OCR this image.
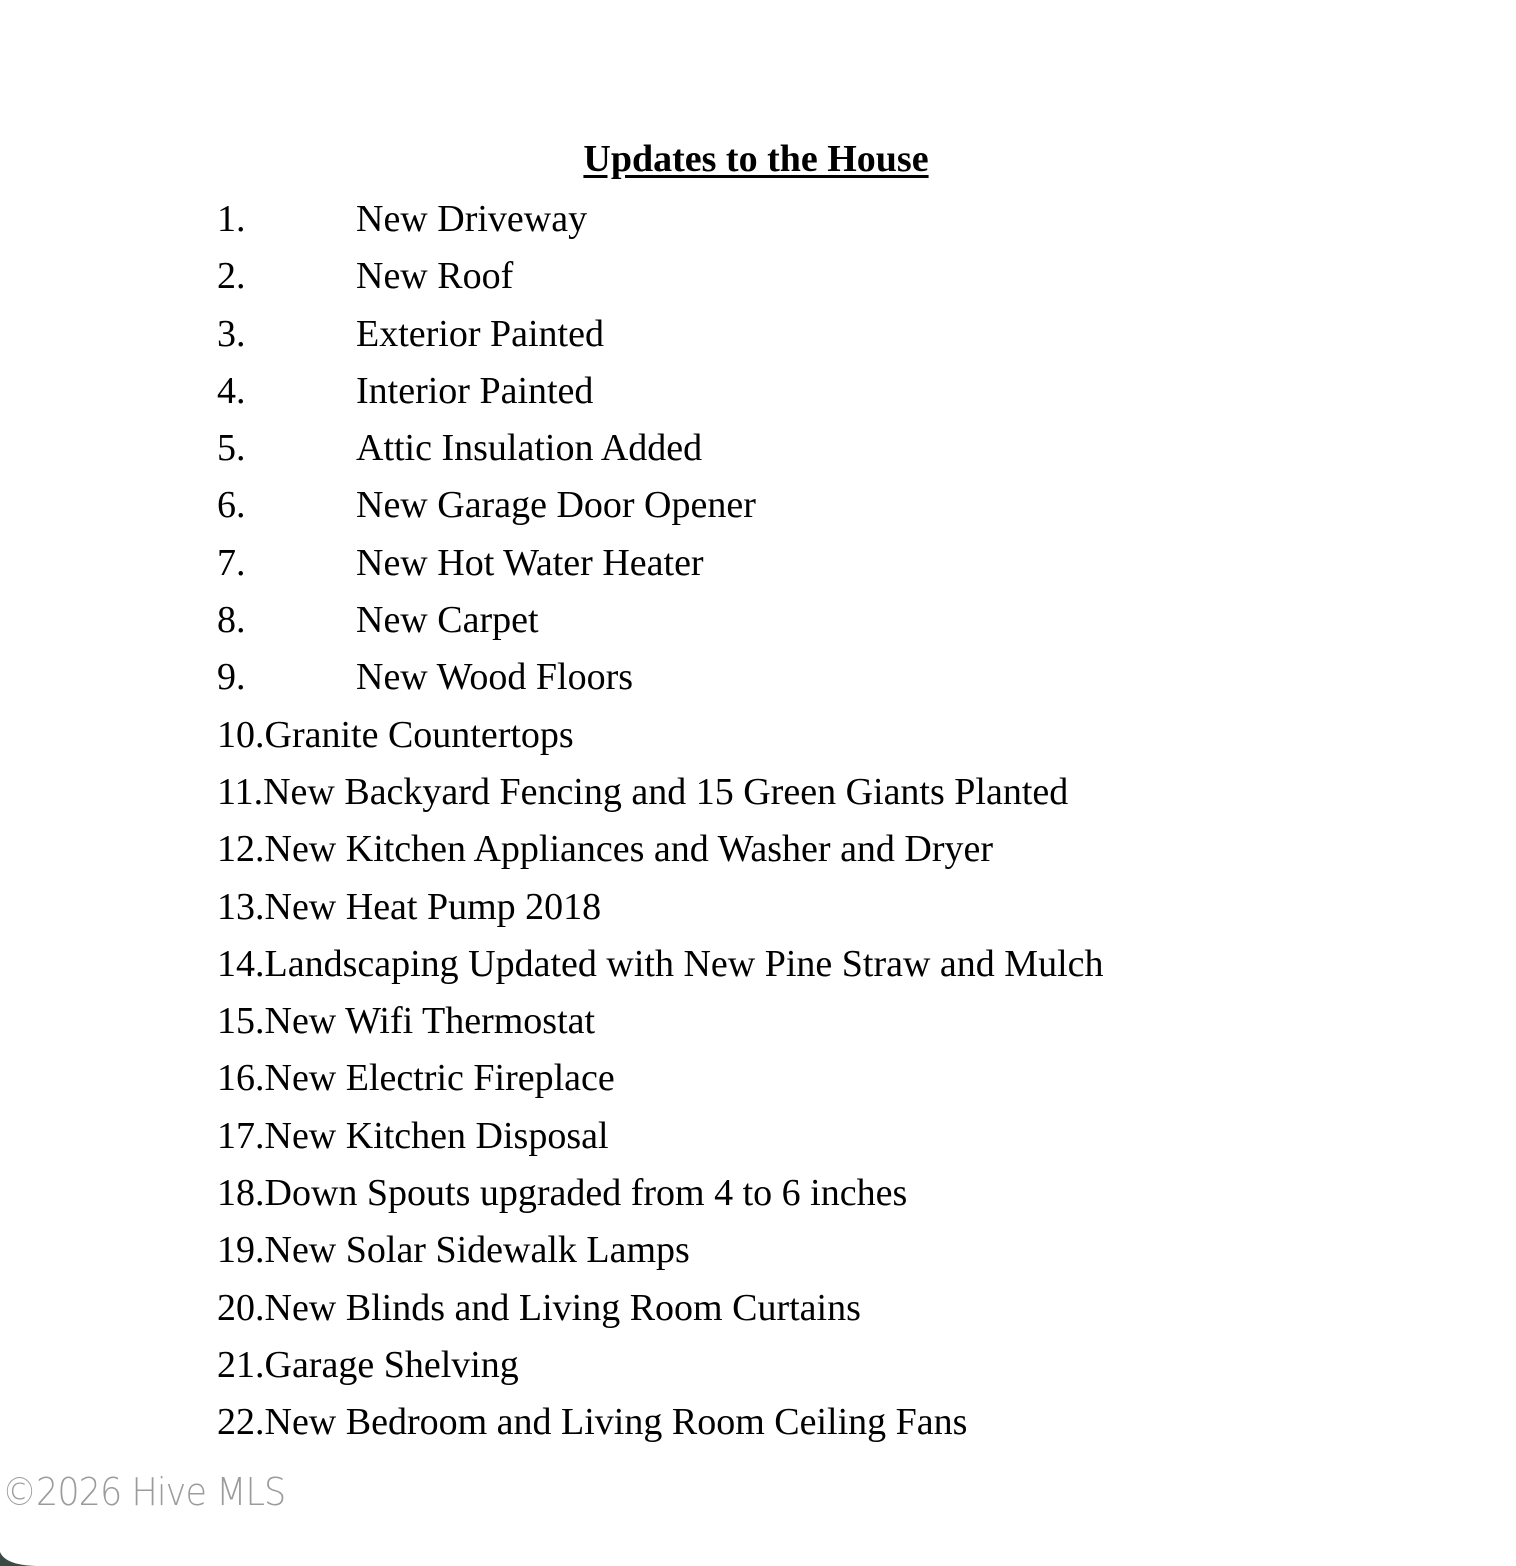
Updates to the House
1.	New Driveway
2.	New Roof
3.	Exterior Painted
4.	Interior Painted
5.	Attic Insulation Added
6.	New Garage Door Opener
7.	New Hot Water Heater
8.	New Carpet
9.	New Wood Floors
10. Granite Countertops
11. New Backyard Fencing and 15 Green Giants Planted
12. New Kitchen Appliances and Washer and Dryer
13. New Heat Pump 2018
14. Landscaping Updated with New Pine Straw and Mulch
15. New Wifi Thermostat
16. New Electric Fireplace
17. New Kitchen Disposal
18. Down Spouts upgraded from 4 to 6 inches
19. New Solar Sidewalk Lamps
20. New Blinds and Living Room Curtains
21. Garage Shelving
22. New Bedroom and Living Room Ceiling Fans
©2026 Hive MLS
